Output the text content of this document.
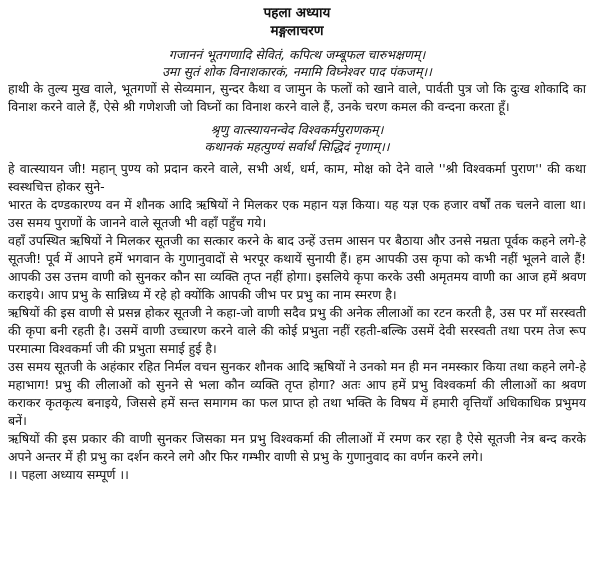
पहला अध्याय
मङ्गलाचरण
गजाननं भूतगणादि सेवितं, कपित्थ जम्बूफल चारुभक्षणम्।
उमा सुतं शोक विनाशकारकं, नमामि विघ्नेश्वर पाद पंकजम्।।

हाथी के तुल्य मुख वाले, भूतगणों से सेव्यमान, सुन्दर कैथा व जामुन के फलों को खाने वाले, पार्वती पुत्र जो कि दुःख शोकादि का विनाश करने वाले हैं, ऐसे श्री गणेशजी जो विघ्नों का विनाश करने वाले हैं, उनके चरण कमल की वन्दना करता हूँ।

श्रृणु वात्स्यायनन्वेद विश्वकर्मपुराणकम्।
कथानकं महत्पुण्यं सर्वार्थं सिद्धिदं नृणाम्।।

हे वात्स्यायन जी! महान् पुण्य को प्रदान करने वाले, सभी अर्थ, धर्म, काम, मोक्ष को देने वाले ''श्री विश्वकर्मा पुराण'' की कथा स्वस्थचित्त होकर सुने-

भारत के दण्डकारण्य वन में शौनक आदि ऋषियों ने मिलकर एक महान यज्ञ किया। यह यज्ञ एक हजार वर्षों तक चलने वाला था। उस समय पुराणों के जानने वाले सूतजी भी वहाँ पहुँच गये।

वहाँ उपस्थित ऋषियों ने मिलकर सूतजी का सत्कार करने के बाद उन्हें उत्तम आसन पर बैठाया और उनसे नम्रता पूर्वक कहने लगे-हे सूतजी! पूर्व में आपने हमें भगवान के गुणानुवादों से भरपूर कथायें सुनायी हैं। हम आपकी उस कृपा को कभी नहीं भूलने वाले हैं! आपकी उस उत्तम वाणी को सुनकर कौन सा व्यक्ति तृप्त नहीं होगा। इसलिये कृपा करके उसी अमृतमय वाणी का आज हमें श्रवण कराइये। आप प्रभु के सान्निध्य में रहे हो क्योंकि आपकी जीभ पर प्रभु का नाम स्मरण है।

ऋषियों की इस वाणी से प्रसन्न होकर सूतजी ने कहा-जो वाणी सदैव प्रभु की अनेक लीलाओं का रटन करती है, उस पर माँ सरस्वती की कृपा बनी रहती है। उसमें वाणी उच्चारण करने वाले की कोई प्रभुता नहीं रहती-बल्कि उसमें देवी सरस्वती तथा परम तेज रूप परमात्मा विश्वकर्मा जी की प्रभुता समाई हुई है।

उस समय सूतजी के अहंकार रहित निर्मल वचन सुनकर शौनक आदि ऋषियों ने उनको मन ही मन नमस्कार किया तथा कहने लगे-हे महाभाग! प्रभु की लीलाओं को सुनने से भला कौन व्यक्ति तृप्त होगा? अतः आप हमें प्रभु विश्वकर्मा की लीलाओं का श्रवण कराकर कृतकृत्य बनाइये, जिससे हमें सन्त समागम का फल प्राप्त हो तथा भक्ति के विषय में हमारी वृत्तियाँ अधिकाधिक प्रभुमय बनें।

ऋषियों की इस प्रकार की वाणी सुनकर जिसका मन प्रभु विश्वकर्मा की लीलाओं में रमण कर रहा है ऐसे सूतजी नेत्र बन्द करके अपने अन्तर में ही प्रभु का दर्शन करने लगे और फिर गम्भीर वाणी से प्रभु के गुणानुवाद का वर्णन करने लगे।

।। पहला अध्याय सम्पूर्ण ।।
